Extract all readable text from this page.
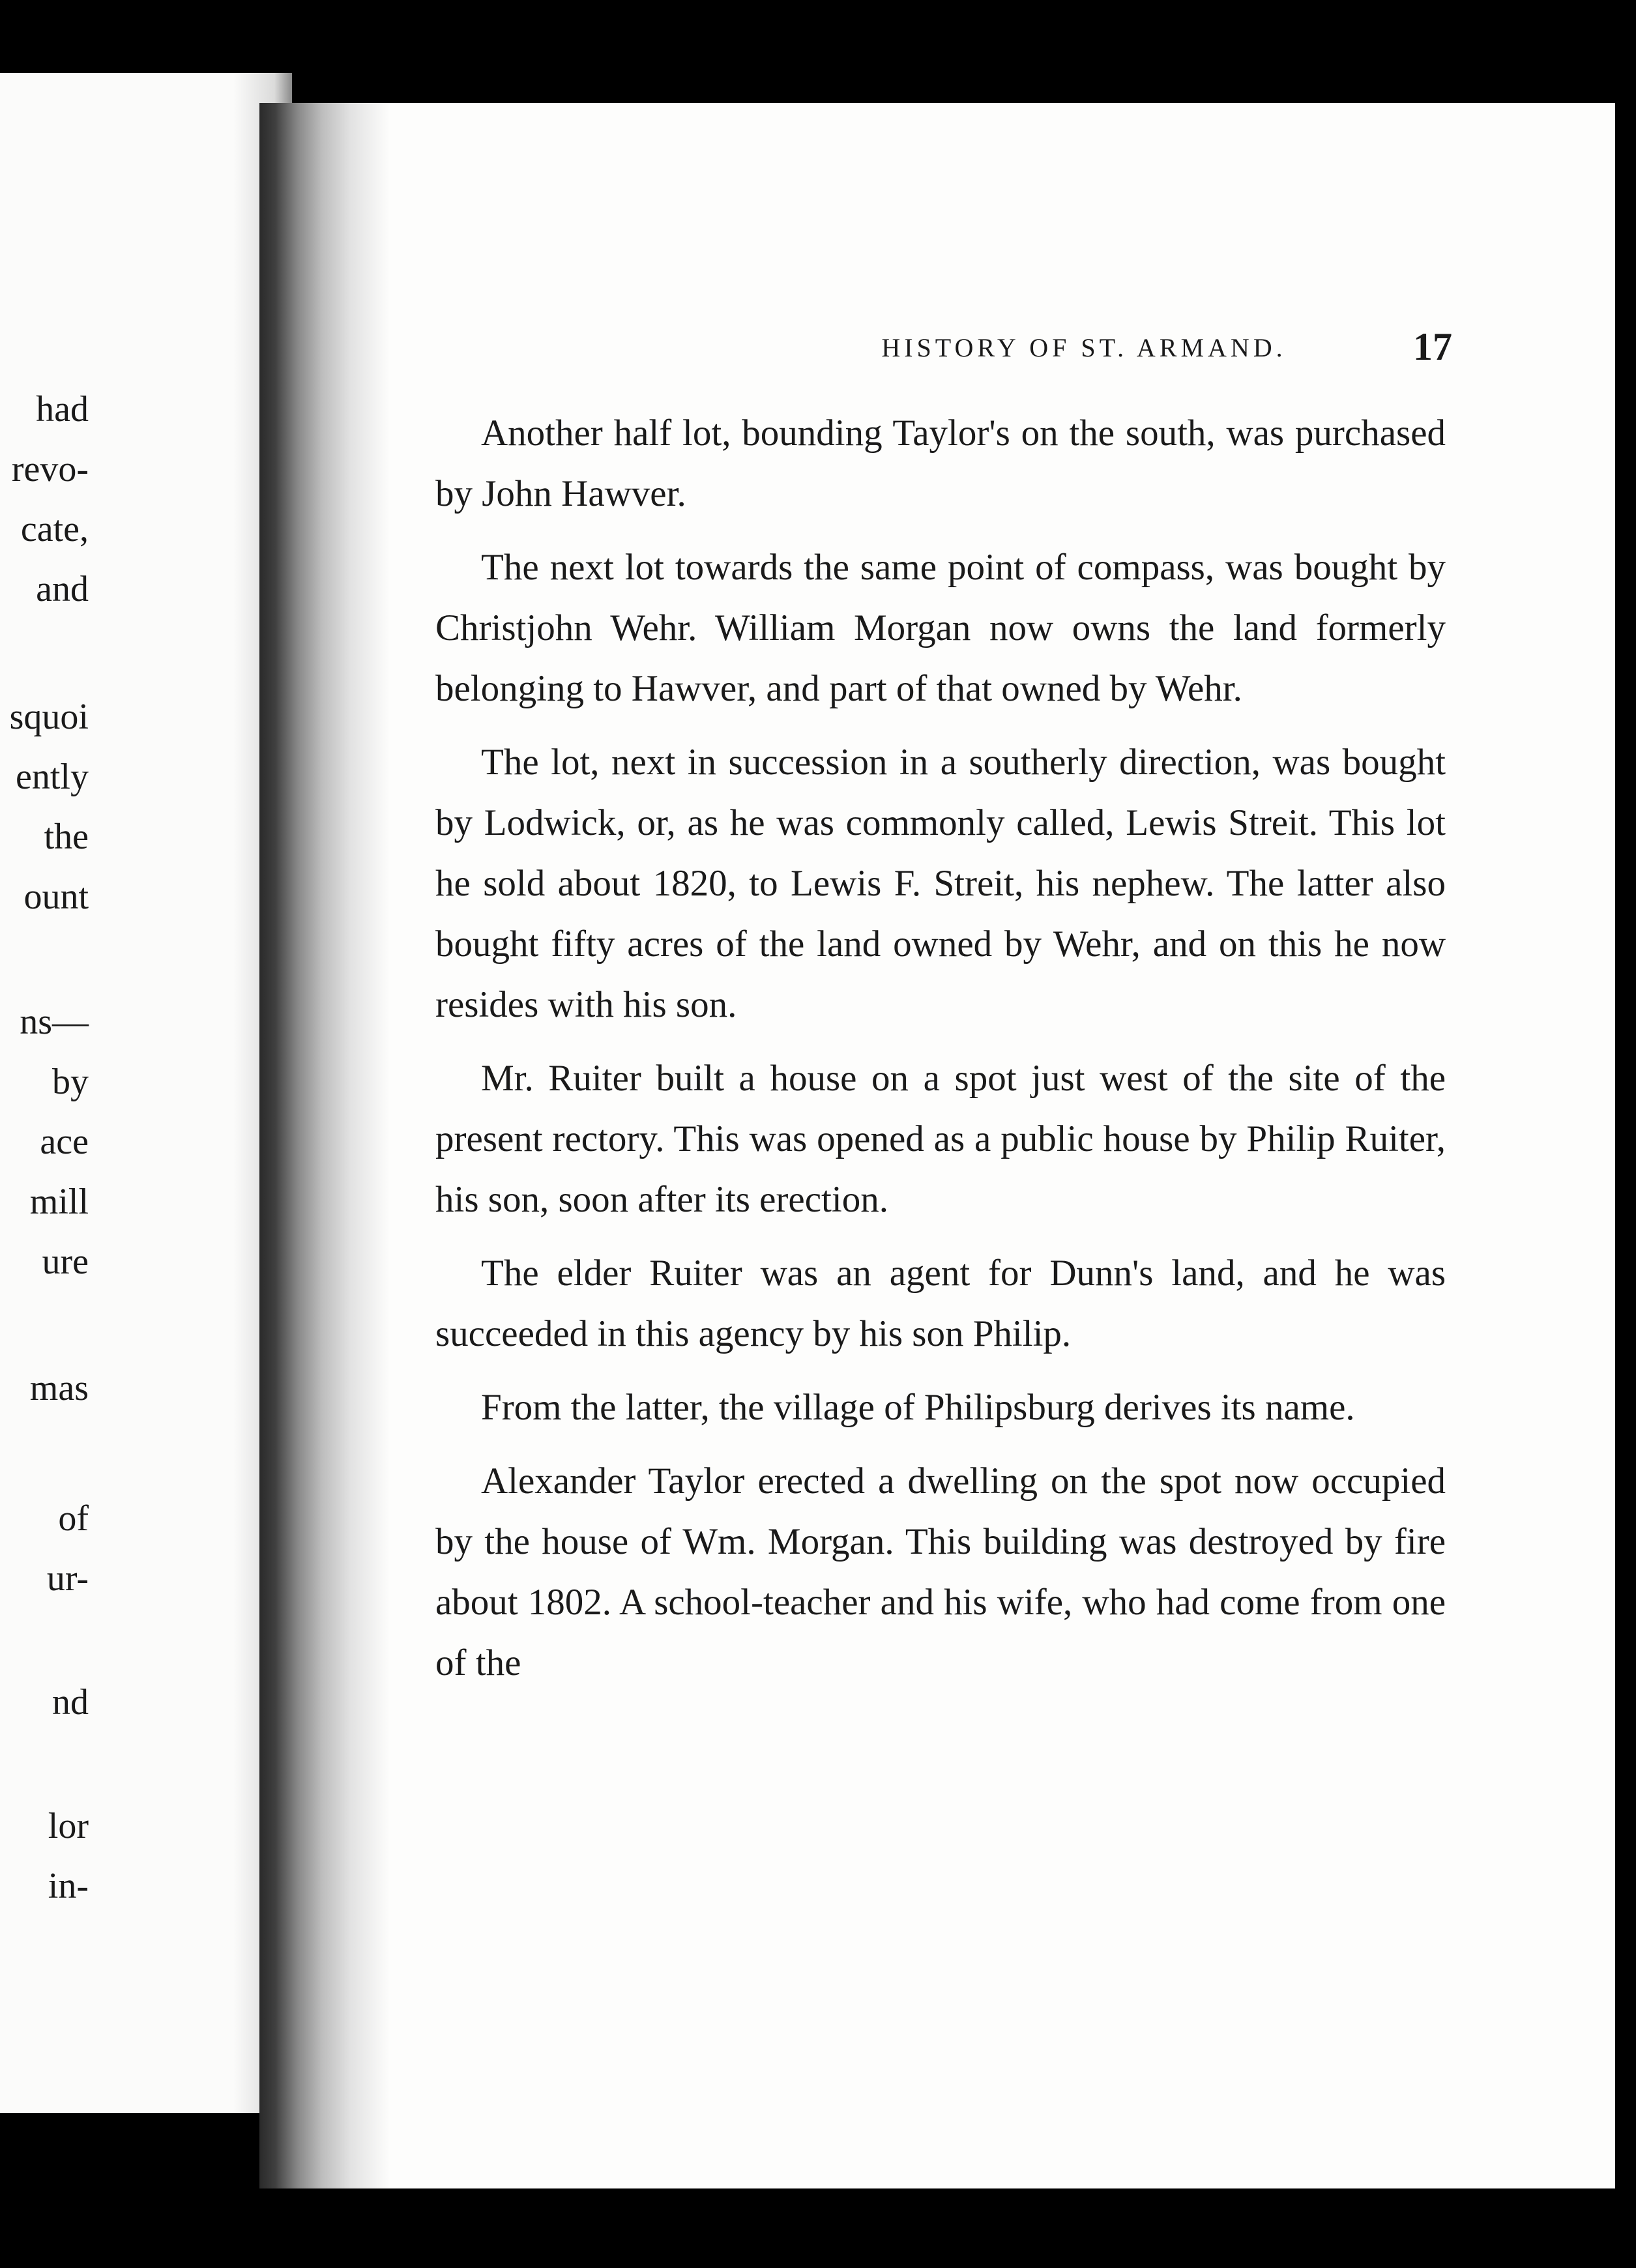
had
revo-
cate,
and
squoi
ently
the
ount
ns—
by
ace
mill
ure
mas
of
ur-
nd
lor
in-
HISTORY OF ST. ARMAND.	17

Another half lot, bounding Taylor's on the south, was purchased by John Hawver.

The next lot towards the same point of compass, was bought by Christjohn Wehr. William Morgan now owns the land formerly belonging to Hawver, and part of that owned by Wehr.

The lot, next in succession in a southerly direction, was bought by Lodwick, or, as he was commonly called, Lewis Streit. This lot he sold about 1820, to Lewis F. Streit, his nephew. The latter also bought fifty acres of the land owned by Wehr, and on this he now resides with his son.

Mr. Ruiter built a house on a spot just west of the site of the present rectory. This was opened as a public house by Philip Ruiter, his son, soon after its erection.

The elder Ruiter was an agent for Dunn's land, and he was succeeded in this agency by his son Philip.

From the latter, the village of Philipsburg derives its name.

Alexander Taylor erected a dwelling on the spot now occupied by the house of Wm. Morgan. This building was destroyed by fire about 1802. A school-teacher and his wife, who had come from one of the
